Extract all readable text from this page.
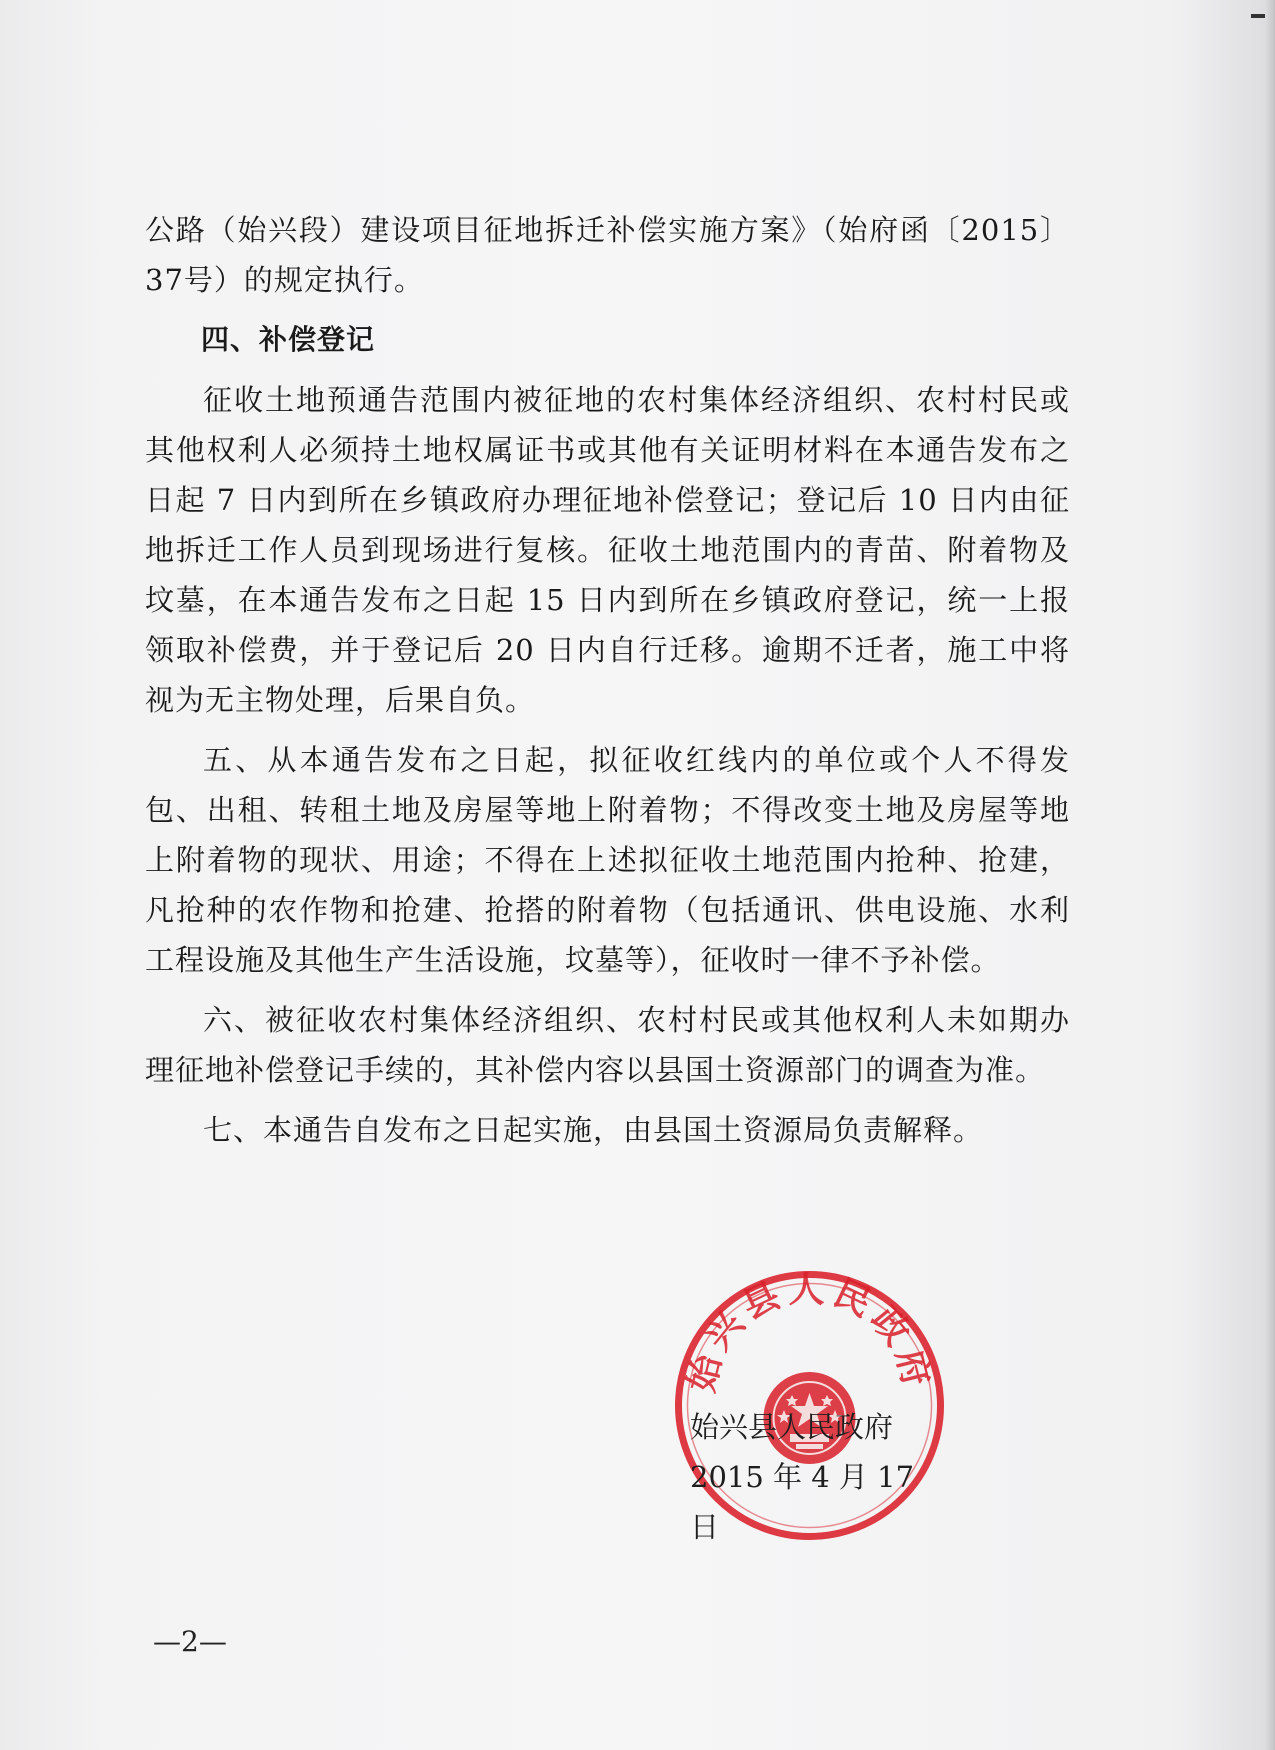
公路（始兴段）建设项目征地拆迁补偿实施方案》（始府函〔2015〕37号）的规定执行。

四、补偿登记

征收土地预通告范围内被征地的农村集体经济组织、农村村民或其他权利人必须持土地权属证书或其他有关证明材料在本通告发布之日起 7 日内到所在乡镇政府办理征地补偿登记；登记后 10 日内由征地拆迁工作人员到现场进行复核。征收土地范围内的青苗、附着物及坟墓，在本通告发布之日起 15 日内到所在乡镇政府登记，统一上报领取补偿费，并于登记后 20 日内自行迁移。逾期不迁者，施工中将视为无主物处理，后果自负。

五、从本通告发布之日起，拟征收红线内的单位或个人不得发包、出租、转租土地及房屋等地上附着物；不得改变土地及房屋等地上附着物的现状、用途；不得在上述拟征收土地范围内抢种、抢建，凡抢种的农作物和抢建、抢搭的附着物（包括通讯、供电设施、水利工程设施及其他生产生活设施，坟墓等），征收时一律不予补偿。

六、被征收农村集体经济组织、农村村民或其他权利人未如期办理征地补偿登记手续的，其补偿内容以县国土资源部门的调查为准。

七、本通告自发布之日起实施，由县国土资源局负责解释。

始兴县人民政府
始兴县人民政府
2015 年 4 月 17 日
—2—
